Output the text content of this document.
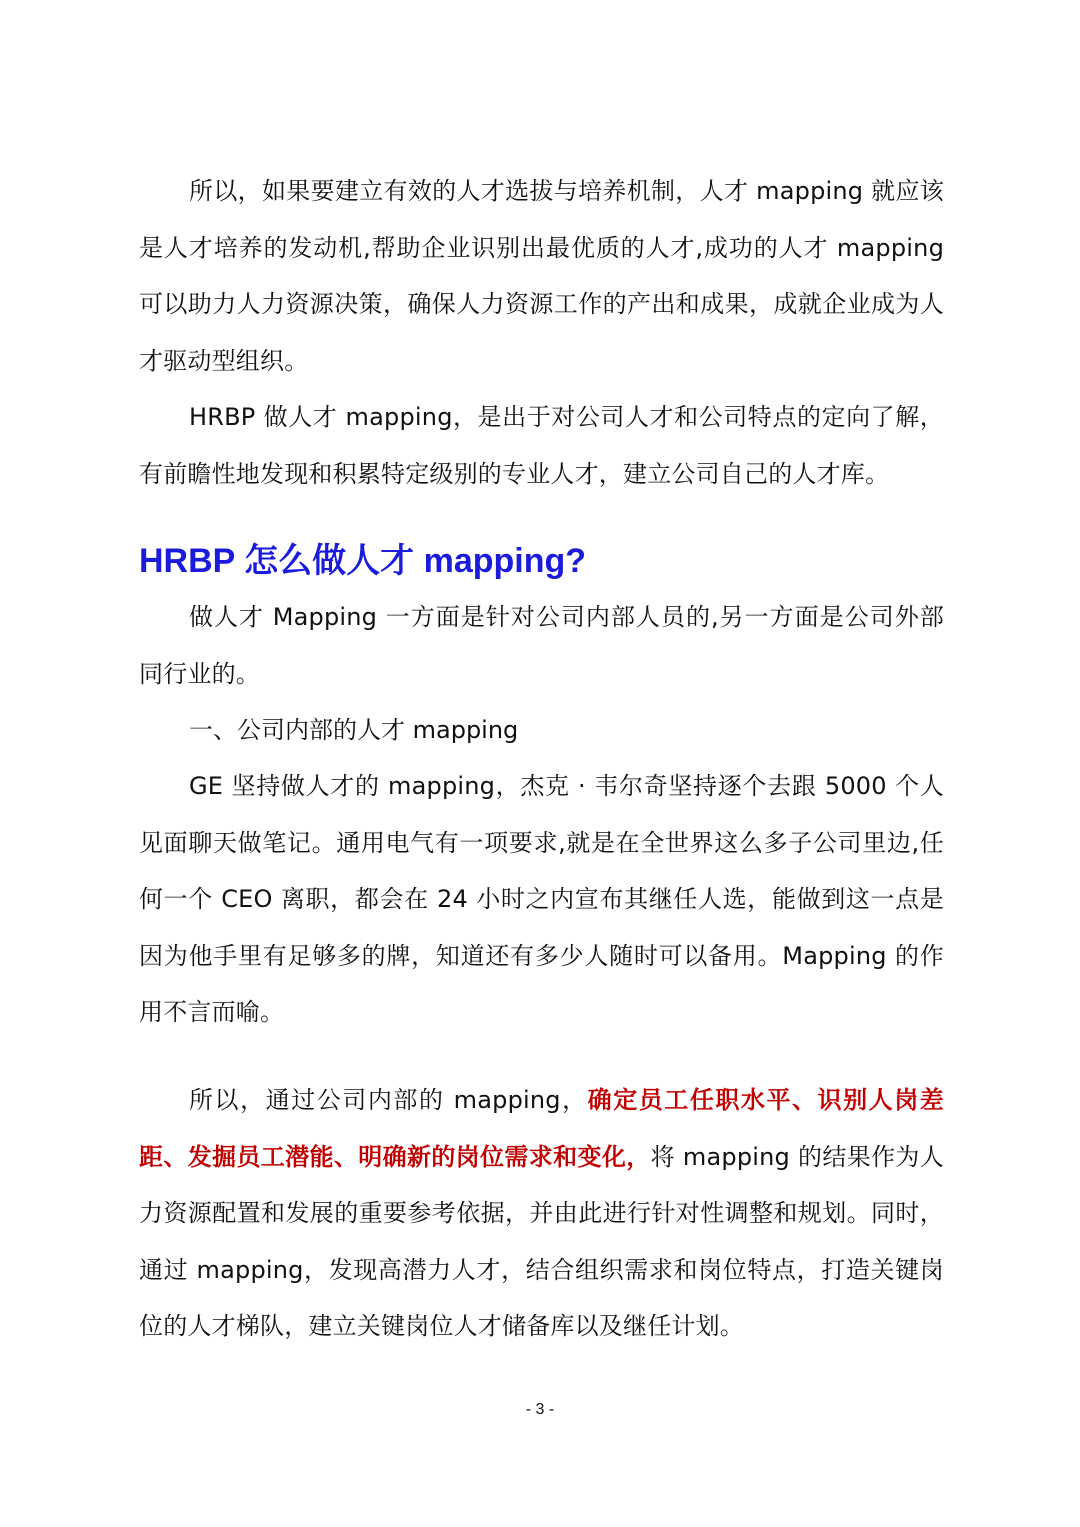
所以，如果要建立有效的人才选拔与培养机制，人才 mapping 就应该是人才培养的发动机,帮助企业识别出最优质的人才,成功的人才 mapping 可以助力人力资源决策，确保人力资源工作的产出和成果，成就企业成为人才驱动型组织。

HRBP 做人才 mapping，是出于对公司人才和公司特点的定向了解，有前瞻性地发现和积累特定级别的专业人才，建立公司自己的人才库。

HRBP 怎么做人才 mapping?

做人才 Mapping 一方面是针对公司内部人员的,另一方面是公司外部同行业的。

一、公司内部的人才 mapping

GE 坚持做人才的 mapping，杰克 · 韦尔奇坚持逐个去跟 5000 个人见面聊天做笔记。通用电气有一项要求,就是在全世界这么多子公司里边,任何一个 CEO 离职，都会在 24 小时之内宣布其继任人选，能做到这一点是因为他手里有足够多的牌，知道还有多少人随时可以备用。Mapping 的作用不言而喻。

所以，通过公司内部的 mapping，确定员工任职水平、识别人岗差距、发掘员工潜能、明确新的岗位需求和变化，将 mapping 的结果作为人力资源配置和发展的重要参考依据，并由此进行针对性调整和规划。同时，通过 mapping，发现高潜力人才，结合组织需求和岗位特点，打造关键岗位的人才梯队，建立关键岗位人才储备库以及继任计划。

- 3 -
